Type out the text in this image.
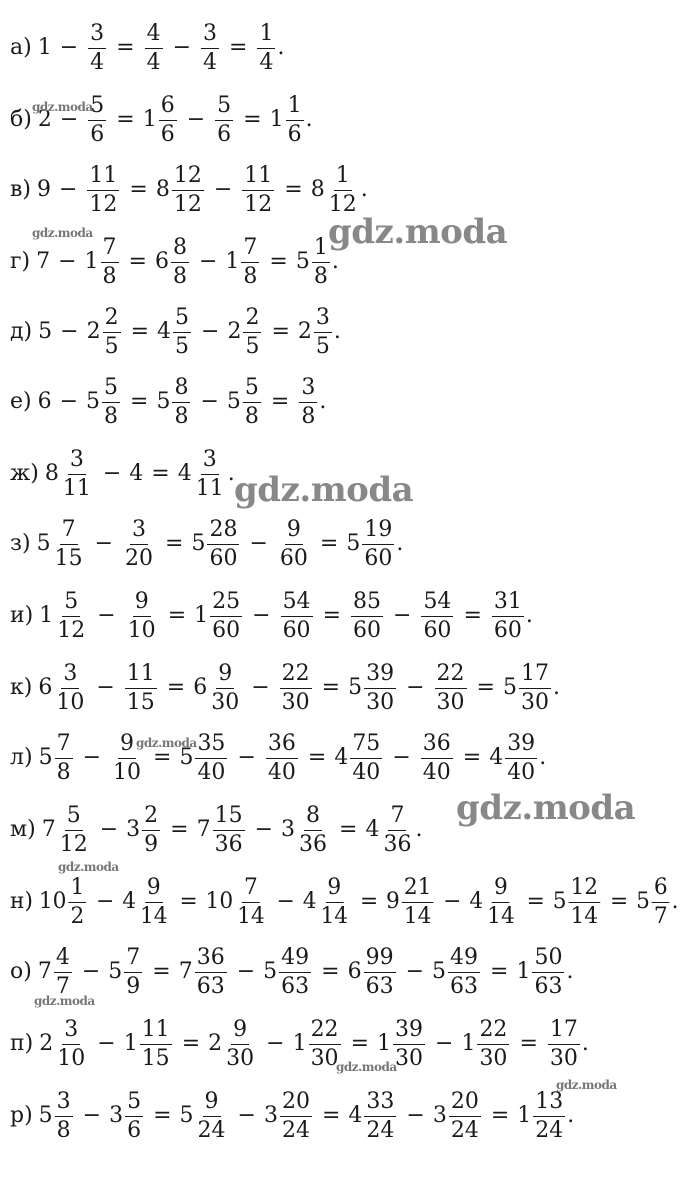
а) $1 - \frac{3}{4} = \frac{4}{4} - \frac{3}{4} = \frac{1}{4}$ .
б) $2 - \frac{5}{6} = 1 \frac{6}{6} - \frac{5}{6} = 1 \frac{1}{6}$ .
в) $9 - \frac{11}{12} = 8 \frac{12}{12} - \frac{11}{12} = 8 \frac{1}{12}$ .
г) $7 - 1 \frac{7}{8} = 6 \frac{8}{8} - 1 \frac{7}{8} = 5 \frac{1}{8}$ .
д) $5 - 2 \frac{2}{5} = 4 \frac{5}{5} - 2 \frac{2}{5} = 2 \frac{3}{5}$ .
е) $6 - 5 \frac{5}{8} = 5 \frac{8}{8} - 5 \frac{5}{8} = \frac{3}{8}$ .
ж) $8 \frac{3}{11} - 4 = 4 \frac{3}{11}$ .
з) $5 \frac{7}{15} - \frac{3}{20} = 5 \frac{28}{60} - \frac{9}{60} = 5 \frac{19}{60}$ .
и) $1 \frac{5}{12} - \frac{9}{10} = 1 \frac{25}{60} - \frac{54}{60} = \frac{85}{60} - \frac{54}{60} = \frac{31}{60}$ .
к) $6 \frac{3}{10} - \frac{11}{15} = 6 \frac{9}{30} - \frac{22}{30} = 5 \frac{39}{30} - \frac{22}{30} = 5 \frac{17}{30}$ .
л) $5 \frac{7}{8} - \frac{9}{10} = 5 \frac{35}{40} - \frac{36}{40} = 4 \frac{75}{40} - \frac{36}{40} = 4 \frac{39}{40}$ .
м) $7 \frac{5}{12} - 3 \frac{2}{9} = 7 \frac{15}{36} - 3 \frac{8}{36} = 4 \frac{7}{36}$ .
н) $10 \frac{1}{2} - 4 \frac{9}{14} = 10 \frac{7}{14} - 4 \frac{9}{14} = 9 \frac{21}{14} - 4 \frac{9}{14} = 5 \frac{12}{14} = 5 \frac{6}{7}$ .
о) $7 \frac{4}{7} - 5 \frac{7}{9} = 7 \frac{36}{63} - 5 \frac{49}{63} = 6 \frac{99}{63} - 5 \frac{49}{63} = 1 \frac{50}{63}$ .
п) $2 \frac{3}{10} - 1 \frac{11}{15} = 2 \frac{9}{30} - 1 \frac{22}{30} = 1 \frac{39}{30} - 1 \frac{22}{30} = \frac{17}{30}$ .
р) $5 \frac{3}{8} - 3 \frac{5}{6} = 5 \frac{9}{24} - 3 \frac{20}{24} = 4 \frac{33}{24} - 3 \frac{20}{24} = 1 \frac{13}{24}$ .
gdz.moda
gdz.moda
gdz.moda
gdz.moda
gdz.moda
gdz.moda
gdz.moda
gdz.moda
gdz.moda
gdz.moda
